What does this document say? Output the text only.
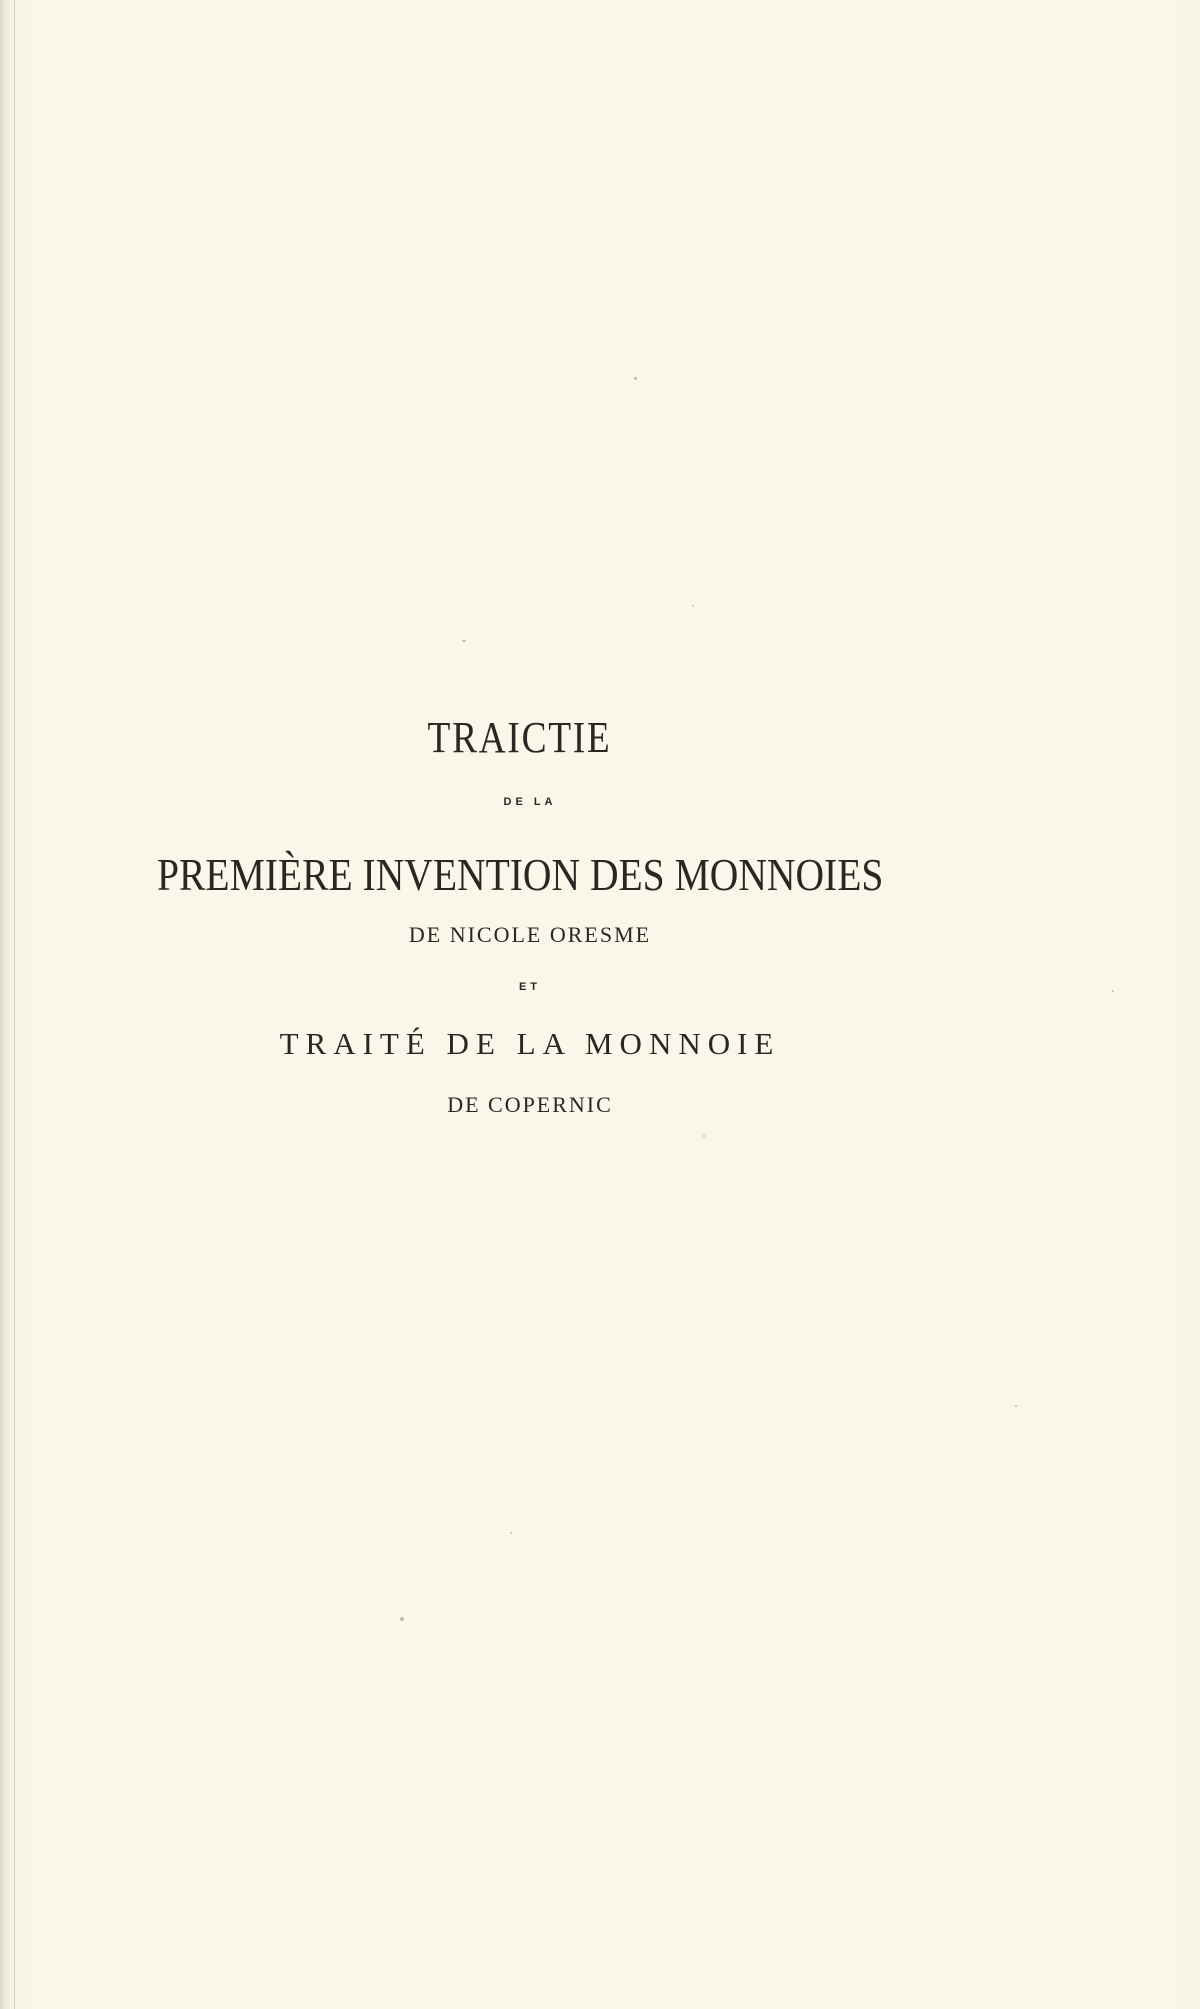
TRAICTIE
DE LA
PREMIÈRE INVENTION DES MONNOIES
DE NICOLE ORESME
ET
TRAITÉ DE LA MONNOIE
DE COPERNIC
